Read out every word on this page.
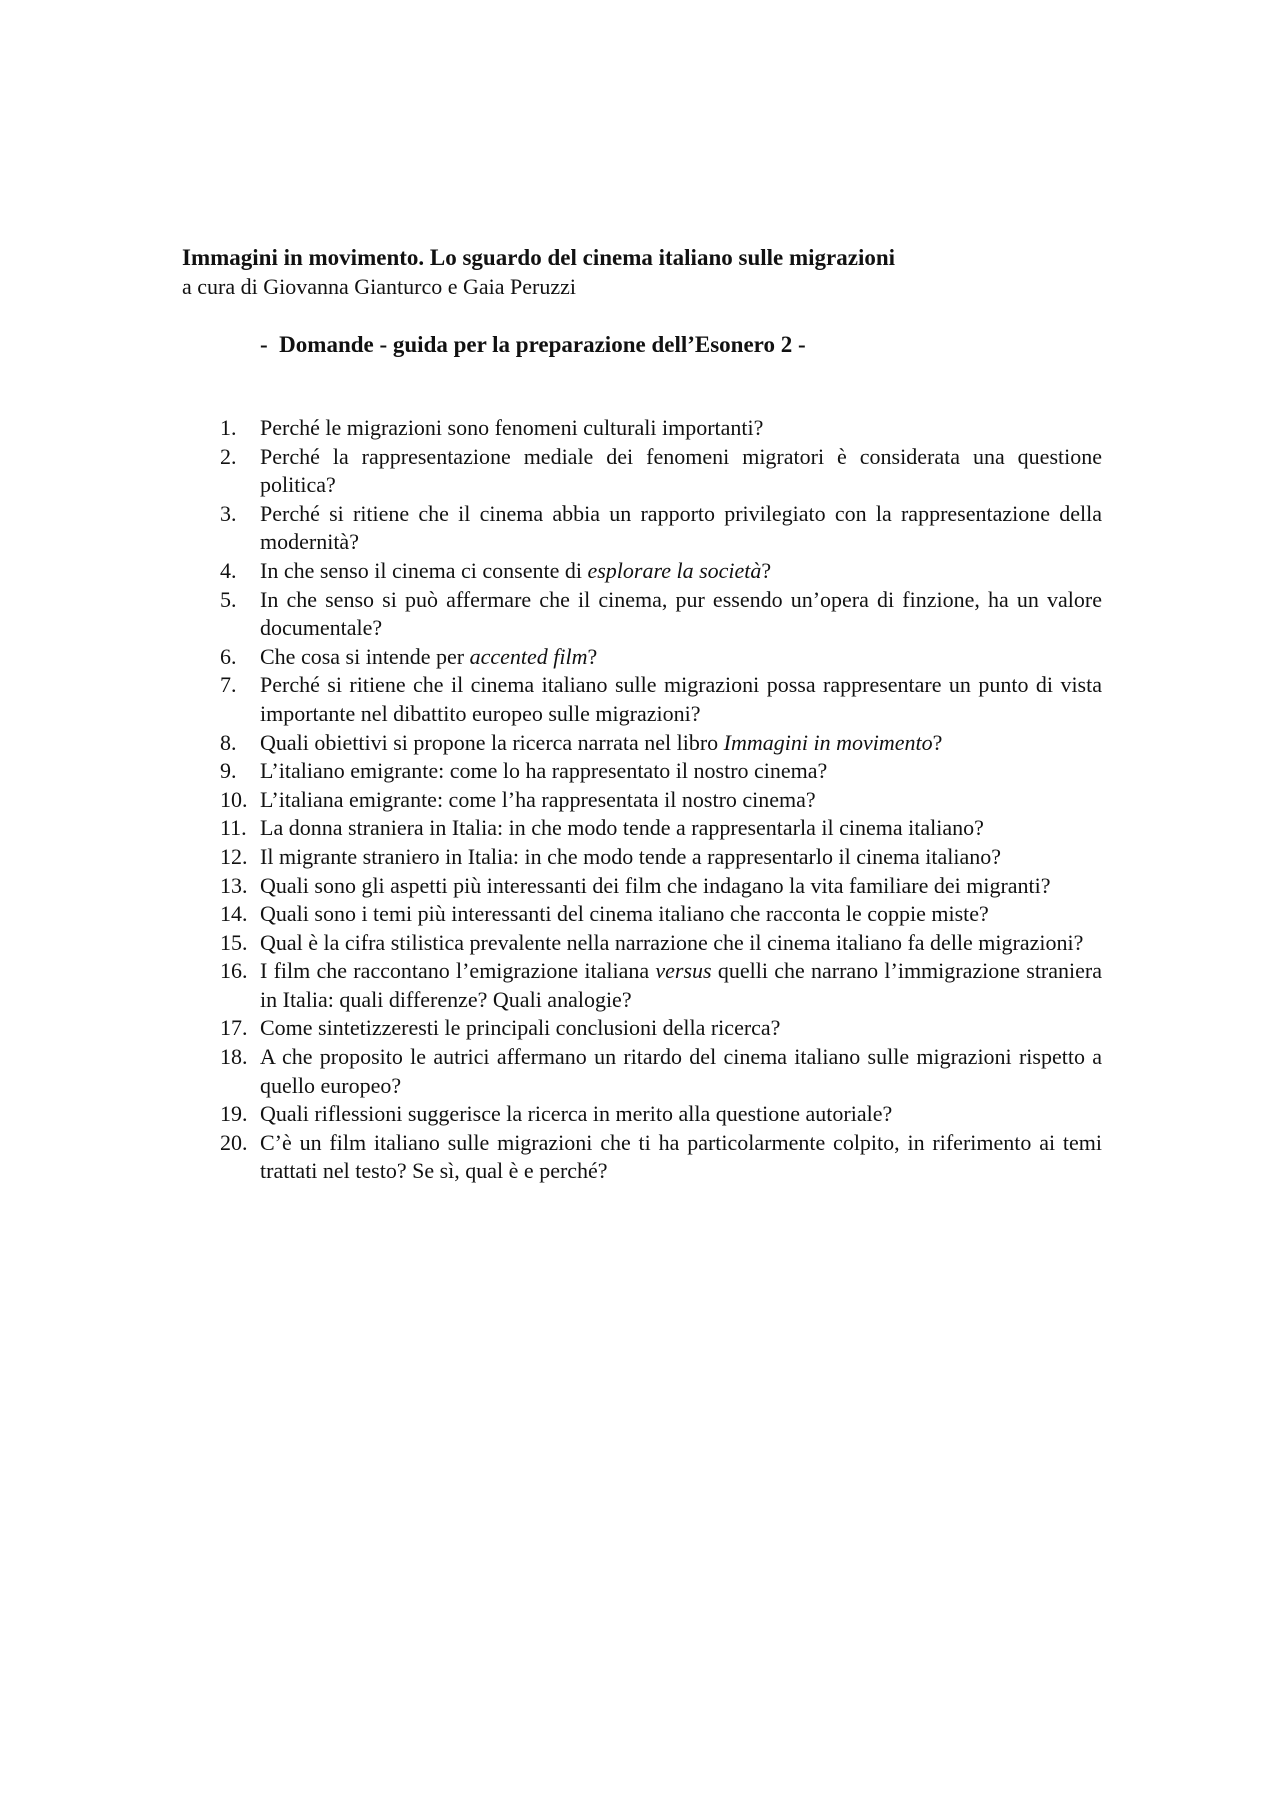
Immagini in movimento. Lo sguardo del cinema italiano sulle migrazioni
a cura di Giovanna Gianturco e Gaia Peruzzi
- Domande - guida per la preparazione dell’Esonero 2 -
1.	Perché le migrazioni sono fenomeni culturali importanti?
2.	Perché la rappresentazione mediale dei fenomeni migratori è considerata una questione politica?
3.	Perché si ritiene che il cinema abbia un rapporto privilegiato con la rappresentazione della modernità?
4.	In che senso il cinema ci consente di esplorare la società?
5.	In che senso si può affermare che il cinema, pur essendo un’opera di finzione, ha un valore documentale?
6.	Che cosa si intende per accented film?
7.	Perché si ritiene che il cinema italiano sulle migrazioni possa rappresentare un punto di vista importante nel dibattito europeo sulle migrazioni?
8.	Quali obiettivi si propone la ricerca narrata nel libro Immagini in movimento?
9.	L’italiano emigrante: come lo ha rappresentato il nostro cinema?
10. L’italiana emigrante: come l’ha rappresentata il nostro cinema?
11. La donna straniera in Italia: in che modo tende a rappresentarla il cinema italiano?
12. Il migrante straniero in Italia: in che modo tende a rappresentarlo il cinema italiano?
13. Quali sono gli aspetti più interessanti dei film che indagano la vita familiare dei migranti?
14. Quali sono i temi più interessanti del cinema italiano che racconta le coppie miste?
15. Qual è la cifra stilistica prevalente nella narrazione che il cinema italiano fa delle migrazioni?
16. I film che raccontano l’emigrazione italiana versus quelli che narrano l’immigrazione straniera in Italia: quali differenze? Quali analogie?
17. Come sintetizzeresti le principali conclusioni della ricerca?
18. A che proposito le autrici affermano un ritardo del cinema italiano sulle migrazioni rispetto a quello europeo?
19. Quali riflessioni suggerisce la ricerca in merito alla questione autoriale?
20. C’è un film italiano sulle migrazioni che ti ha particolarmente colpito, in riferimento ai temi trattati nel testo? Se sì, qual è e perché?
